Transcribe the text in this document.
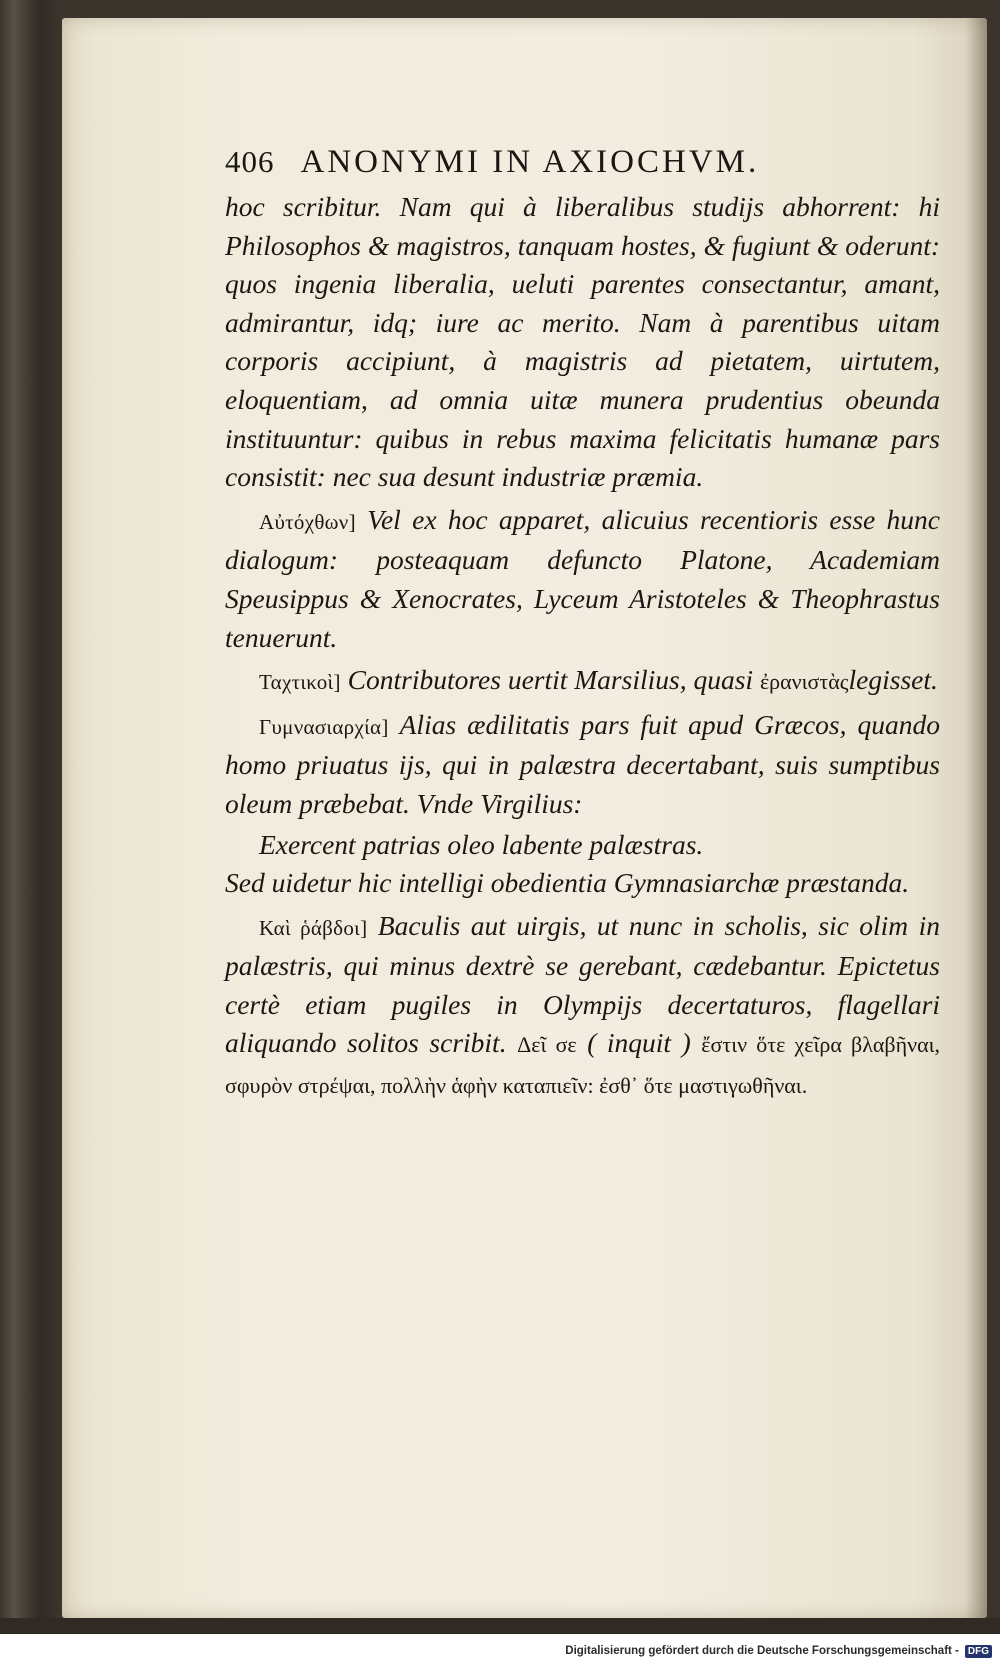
406 ANONYMI IN AXIOCHVM.

hoc scribitur. Nam qui à liberalibus studijs abhorrent: hi Philosophos & magistros, tanquam hostes, & fugiunt & oderunt: quos ingenia liberalia, ueluti parentes consectantur, amant, admirantur, idq; iure ac merito. Nam à parentibus uitam corporis accipiunt, à magistris ad pietatem, uirtutem, eloquentiam, ad omnia uitæ munera prudentius obeunda instituuntur: quibus in rebus maxima felicitatis humanæ pars consistit: nec sua desunt industriæ præmia.

Αὐτόχθων] Vel ex hoc apparet, alicuius recentioris esse hunc dialogum: posteaquam defuncto Platone, Academiam Speusippus & Xenocrates, Lyceum Aristoteles & Theophrastus tenuerunt.

Ταχτικοὶ] Contributores uertit Marsilius, quasi ἐρανιστὰςlegisset.

Γυμνασιαρχία] Alias ædilitatis pars fuit apud Græcos, quando homo priuatus ijs, qui in palæstra decertabant, suis sumptibus oleum præbebat. Vnde Virgilius:

Exercent patrias oleo labente palæstras.

Sed uidetur hic intelligi obedientia Gymnasiarchæ præstanda.

Καὶ ῥάβδοι] Baculis aut uirgis, ut nunc in scholis, sic olim in palæstris, qui minus dextrè se gerebant, cædebantur. Epictetus certè etiam pugiles in Olympijs decertaturos, flagellari aliquando solitos scribit. Δεῖ σε ( inquit ) ἔστιν ὅτε χεῖρα βλαβῆναι, σφυρὸν στρέψαι, πολλὴν ἁφὴν καταπιεῖν: ἐσθ᾽ ὅτε μαστιγωθῆναι.

Digitalisierung gefördert durch die Deutsche Forschungsgemeinschaft - DFG
